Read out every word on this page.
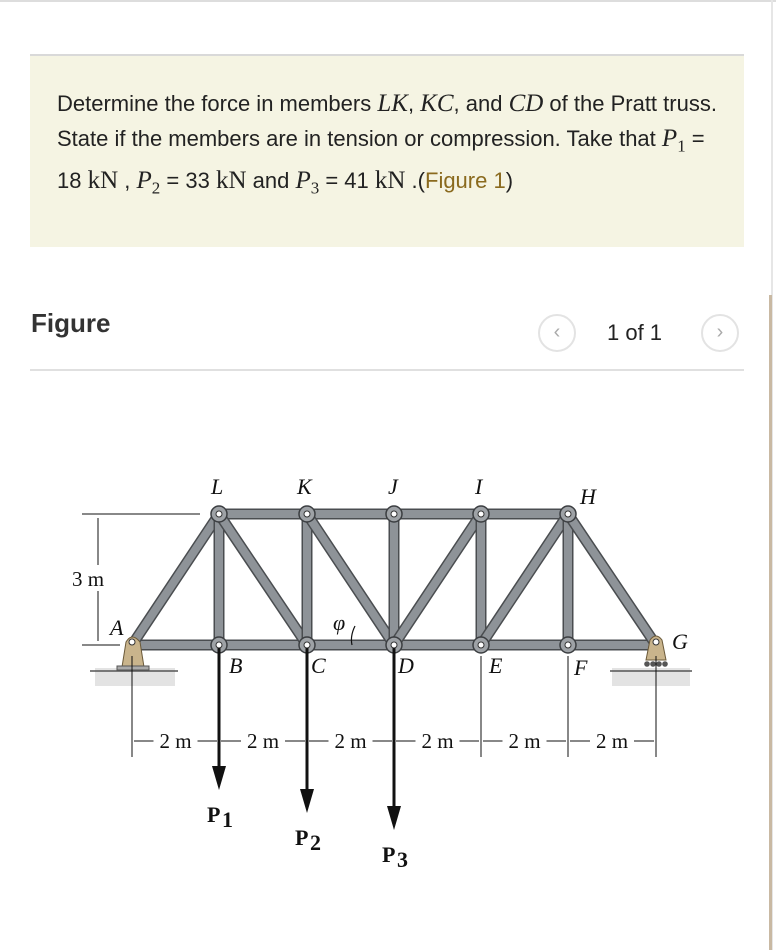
Determine the force in members LK, KC, and CD of the Pratt truss. State if the members are in tension or compression. Take that $P_1 = 18$ kN , $P_2 = 33$ kN and $P_3 = 41$ kN .(Figure 1)
Figure	‹	1 of 1	›
L	K	J	I	H
A
B	C	D	E	F
G
φ
3 m
2 m	2 m	2 m	2 m	2 m	2 m
P 1
P 2	P 3
